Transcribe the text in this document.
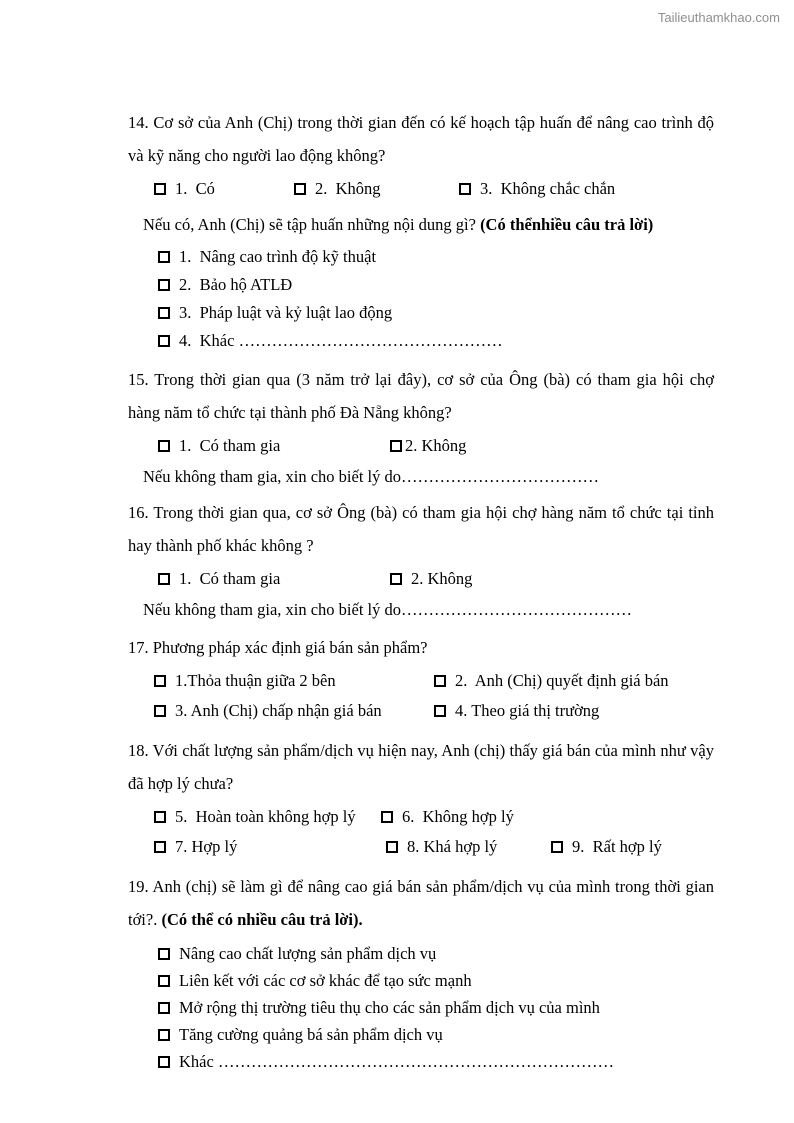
Tailieuthamkhao.com

14. Cơ sở của Anh (Chị) trong thời gian đến có kế hoạch tập huấn để nâng cao trình độ và kỹ năng cho người lao động không?

1.  Có	2.  Không	3.  Không chắc chắn

Nếu có, Anh (Chị) sẽ tập huấn những nội dung gì? (Có thểnhiều câu trả lời)

1.  Nâng cao trình độ kỹ thuật
2.  Bảo hộ ATLĐ
3.  Pháp luật và kỷ luật lao động
4.  Khác …………………………………………

15. Trong thời gian qua (3 năm trở lại đây), cơ sở của Ông (bà) có tham gia hội chợ hàng năm tổ chức tại thành phố Đà Nẵng không?

1.  Có tham gia	2. Không

Nếu không tham gia, xin cho biết lý do………………………………

16. Trong thời gian qua, cơ sở Ông (bà) có tham gia hội chợ hàng năm tổ chức tại tỉnh hay thành phố khác không ?

1.  Có tham gia	2. Không

Nếu không tham gia, xin cho biết lý do……………………………………

17. Phương pháp xác định giá bán sản phẩm?

1.Thỏa thuận giữa 2 bên	2.  Anh (Chị) quyết định giá bán
3. Anh (Chị) chấp nhận giá bán	4. Theo giá thị trường

18. Với chất lượng sản phẩm/dịch vụ hiện nay, Anh (chị) thấy giá bán của mình như vậy đã hợp lý chưa?

5.  Hoàn toàn không hợp lý	6.  Không hợp lý
7. Hợp lý	8. Khá hợp lý	9.  Rất hợp lý

19. Anh (chị) sẽ làm gì để nâng cao giá bán sản phẩm/dịch vụ của mình trong thời gian tới?. (Có thể có nhiều câu trả lời).

Nâng cao chất lượng sản phẩm dịch vụ
Liên kết với các cơ sở khác để tạo sức mạnh
Mở rộng thị trường tiêu thụ cho các sản phẩm dịch vụ của mình
Tăng cường quảng bá sản phẩm dịch vụ
Khác ………………………………………………………………
